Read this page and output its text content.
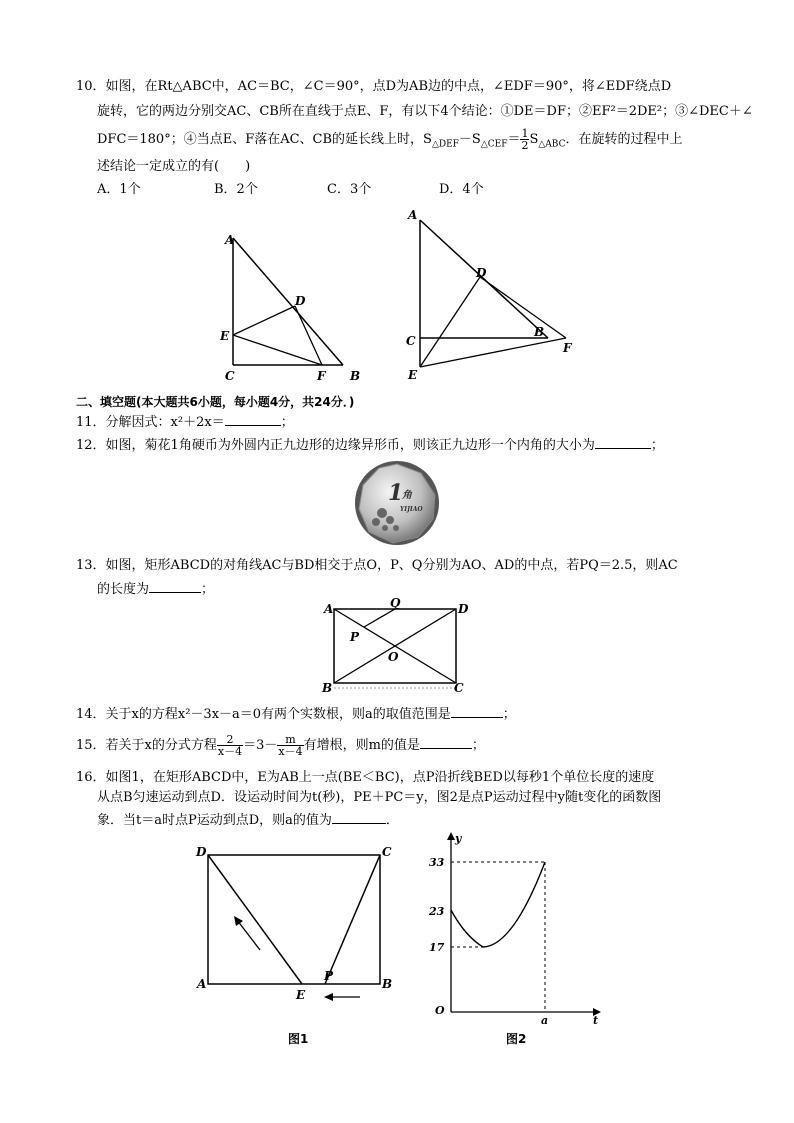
10．如图，在Rt△ABC中，AC＝BC，∠C＝90°，点D为AB边的中点，∠EDF＝90°，将∠EDF绕点D
旋转，它的两边分别交AC、CB所在直线于点E、F，有以下4个结论：①DE＝DF；②EF²＝2DE²；③∠DEC＋∠
DFC＝180°；④当点E、F落在AC、CB的延长线上时，$S_{\triangle DEF}-S_{\triangle CEF}= \frac{1}{2} S_{\triangle ABC}$．在旋转的过程中上
述结论一定成立的有(　　)
A．1个	B．2个	C．3个	D．4个
A
D
E
C	F B
A
D
B
C	F
E
二、填空题(本大题共6小题，每小题4分，共24分．)
11．分解因式：x²＋2x＝	；
12．如图，菊花1角硬币为外圆内正九边形的边缘异形币，则该正九边形一个内角的大小为	；
1
角
YIJIAO
13．如图，矩形ABCD的对角线AC与BD相交于点O，P、Q分别为AO、AD的中点，若PQ＝2.5，则AC
的长度为	；
A	Q	D
P
O
B	C
14．关于x的方程x²－3x－a＝0有两个实数根，则a的取值范围是	；
15．若关于x的分式方程 $\frac{2}{x-4} =3- \frac{m}{x-4}$ 有增根，则m的值是	；
16．如图1，在矩形ABCD中，E为AB上一点(BE＜BC)，点P沿折线BED以每秒1个单位长度的速度
从点B匀速运动到点D．设运动时间为t(秒)，PE＋PC＝y，图2是点P运动过程中y随t变化的函数图
象．当t＝a时点P运动到点D，则a的值为	．
D	C
A
E
P
B
图1
y
t
O
a
33
23
17
图2
